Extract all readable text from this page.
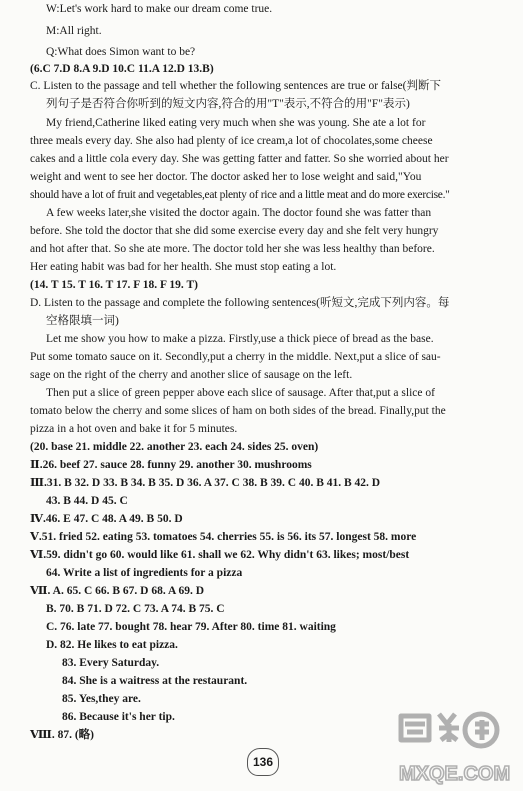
W:Let's work hard to make our dream come true.
M:All right.
Q:What does Simon want to be?
(6.C 7.D 8.A 9.D 10.C 11.A 12.D 13.B)
C. Listen to the passage and tell whether the following sentences are true or false(判断下
列句子是否符合你听到的短文内容,符合的用"T"表示,不符合的用"F"表示)
My friend,Catherine liked eating very much when she was young. She ate a lot for
three meals every day. She also had plenty of ice cream,a lot of chocolates,some cheese
cakes and a little cola every day. She was getting fatter and fatter. So she worried about her
weight and went to see her doctor. The doctor asked her to lose weight and said,"You
should have a lot of fruit and vegetables,eat plenty of rice and a little meat and do more exercise."
A few weeks later,she visited the doctor again. The doctor found she was fatter than
before. She told the doctor that she did some exercise every day and she felt very hungry
and hot after that. So she ate more. The doctor told her she was less healthy than before.
Her eating habit was bad for her health. She must stop eating a lot.
(14. T 15. T 16. T 17. F 18. F 19. T)
D. Listen to the passage and complete the following sentences(听短文,完成下列内容。每
空格限填一词)
Let me show you how to make a pizza. Firstly,use a thick piece of bread as the base.
Put some tomato sauce on it. Secondly,put a cherry in the middle. Next,put a slice of sau-
sage on the right of the cherry and another slice of sausage on the left.
Then put a slice of green pepper above each slice of sausage. After that,put a slice of
tomato below the cherry and some slices of ham on both sides of the bread. Finally,put the
pizza in a hot oven and bake it for 5 minutes.
(20. base 21. middle 22. another 23. each 24. sides 25. oven)
Ⅱ.26. beef 27. sauce 28. funny 29. another 30. mushrooms
Ⅲ.31. B 32. D 33. B 34. B 35. D 36. A 37. C 38. B 39. C 40. B 41. B 42. D
43. B 44. D 45. C
Ⅳ.46. E 47. C 48. A 49. B 50. D
Ⅴ.51. fried 52. eating 53. tomatoes 54. cherries 55. is 56. its 57. longest 58. more
Ⅵ.59. didn't go 60. would like 61. shall we 62. Why didn't 63. likes; most/best
64. Write a list of ingredients for a pizza
Ⅶ. A. 65. C 66. B 67. D 68. A 69. D
B. 70. B 71. D 72. C 73. A 74. B 75. C
C. 76. late 77. bought 78. hear 79. After 80. time 81. waiting
D. 82. He likes to eat pizza.
83. Every Saturday.
84. She is a waitress at the restaurant.
85. Yes,they are.
86. Because it's her tip.
Ⅷ. 87. (略)
136
MXQE.COM
